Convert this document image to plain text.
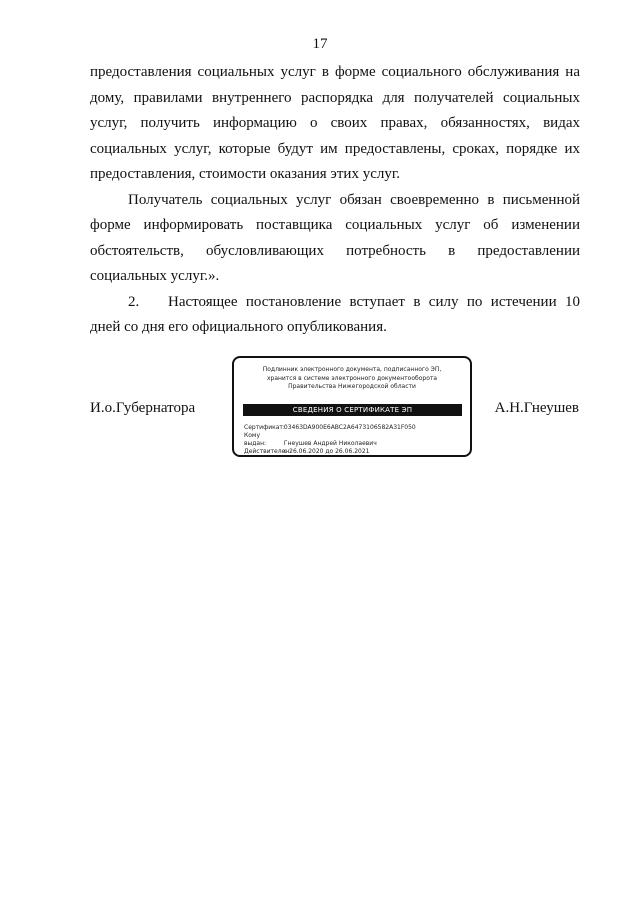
17

предоставления социальных услуг в форме социального обслуживания на дому, правилами внутреннего распорядка для получателей социальных услуг, получить информацию о своих правах, обязанностях, видах социальных услуг, которые будут им предоставлены, сроках, порядке их предоставления, стоимости оказания этих услуг.

Получатель социальных услуг обязан своевременно в письменной форме информировать поставщика социальных услуг об изменении обстоятельств, обусловливающих потребность в предоставлении социальных услуг.».

2. Настоящее постановление вступает в силу по истечении 10 дней со дня его официального опубликования.

И.о.Губернатора
Подлинник электронного документа, подписанного ЭП,
хранится в системе электронного документооборота
Правительства Нижегородской области
СВЕДЕНИЯ О СЕРТИФИКАТЕ ЭП
Сертификат: 03463DA900E6ABC2A6473106582A31F050
Кому выдан:	Гнеушев Андрей Николаевич
Действителен: с 26.06.2020 до 26.06.2021
А.Н.Гнеушев
